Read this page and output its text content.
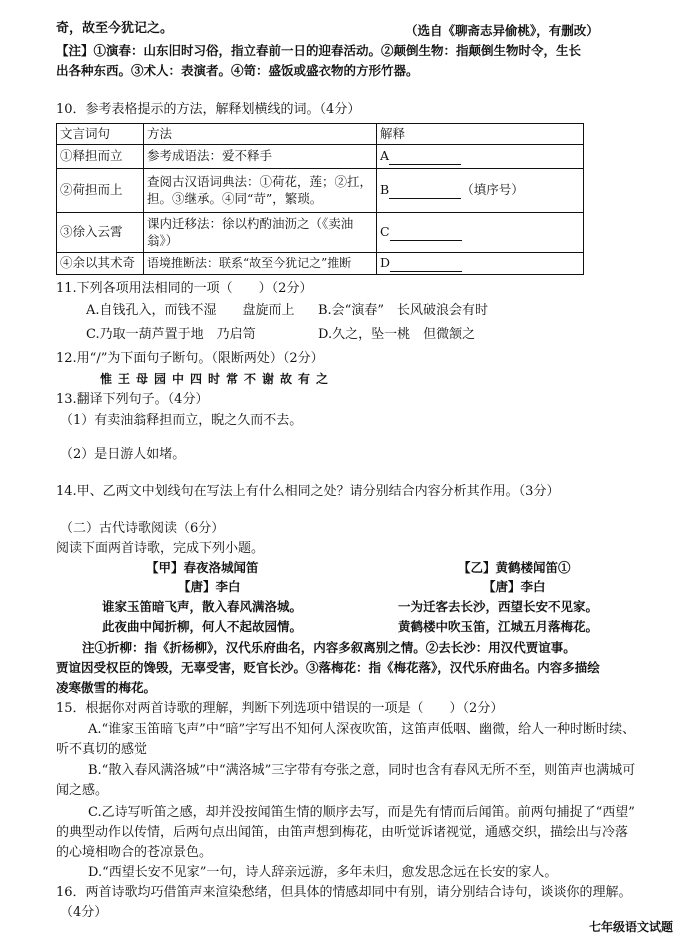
奇，故至今犹记之。	（选自《聊斋志异偷桃》，有删改）
【注】①演春：山东旧时习俗，指立春前一日的迎春活动。②颠倒生物：指颠倒生物时令，生长
出各种东西。③术人：表演者。④笥：盛饭或盛衣物的方形竹器。
10．参考表格提示的方法，解释划横线的词。（4分）
文言词句	方法	解释
①释担而立	参考成语法：爱不释手	A
②荷担而上	查阅古汉语词典法：①荷花，莲；②扛，担。③继承。④同“苛”，繁琐。	B （填序号）
③徐入云霄	课内迁移法：徐以杓酌油沥之（《卖油翁》）	C
④余以其术奇	语境推断法：联系“故至今犹记之”推断	D
11.下列各项用法相同的一项（　　）（2分）
A.自钱孔入，而钱不湿　　盘旋而上 B.会“演春”　长风破浪会有时
C.乃取一葫芦置于地　乃启笥	D.久之，坠一桃　但微颔之
12.用“/”为下面句子断句。（限断两处）（2分）
惟王母园中四时常不谢故有之
13.翻译下列句子。（4分）
（1）有卖油翁释担而立，睨之久而不去。
（2）是日游人如堵。
14.甲、乙两文中划线句在写法上有什么相同之处？请分别结合内容分析其作用。（3分）
（二）古代诗歌阅读（6分）
阅读下面两首诗歌，完成下列小题。
【甲】春夜洛城闻笛
【唐】李白
谁家玉笛暗飞声，散入春风满洛城。
此夜曲中闻折柳，何人不起故园情。
【乙】黄鹤楼闻笛①
【唐】李白
一为迁客去长沙，西望长安不见家。
黄鹤楼中吹玉笛，江城五月落梅花。
注①折柳：指《折杨柳》，汉代乐府曲名，内容多叙离别之情。②去长沙：用汉代贾谊事。
贾谊因受权臣的馋毁，无辜受害，贬官长沙。③落梅花：指《梅花落》，汉代乐府曲名。内容多描绘
凌寒傲雪的梅花。
15．根据你对两首诗歌的理解，判断下列选项中错误的一项是（　　）（2分）
A.“谁家玉笛暗飞声”中“暗”字写出不知何人深夜吹笛，这笛声低咽、幽微，给人一种时断时续、
听不真切的感觉
B.“散入春风满洛城”中“满洛城”三字带有夸张之意，同时也含有春风无所不至，则笛声也满城可
闻之感。
C.乙诗写听笛之感，却并没按闻笛生情的顺序去写，而是先有情而后闻笛。前两句捕捉了“西望”
的典型动作以传情，后两句点出闻笛，由笛声想到梅花，由听觉诉诸视觉，通感交织，描绘出与冷落
的心境相吻合的苍凉景色。
D.“西望长安不见家”一句，诗人辞亲远游，多年未归，愈发思念远在长安的家人。
16．两首诗歌均巧借笛声来渲染愁绪，但具体的情感却同中有别，请分别结合诗句，谈谈你的理解。
（4分）
七年级语文试题
